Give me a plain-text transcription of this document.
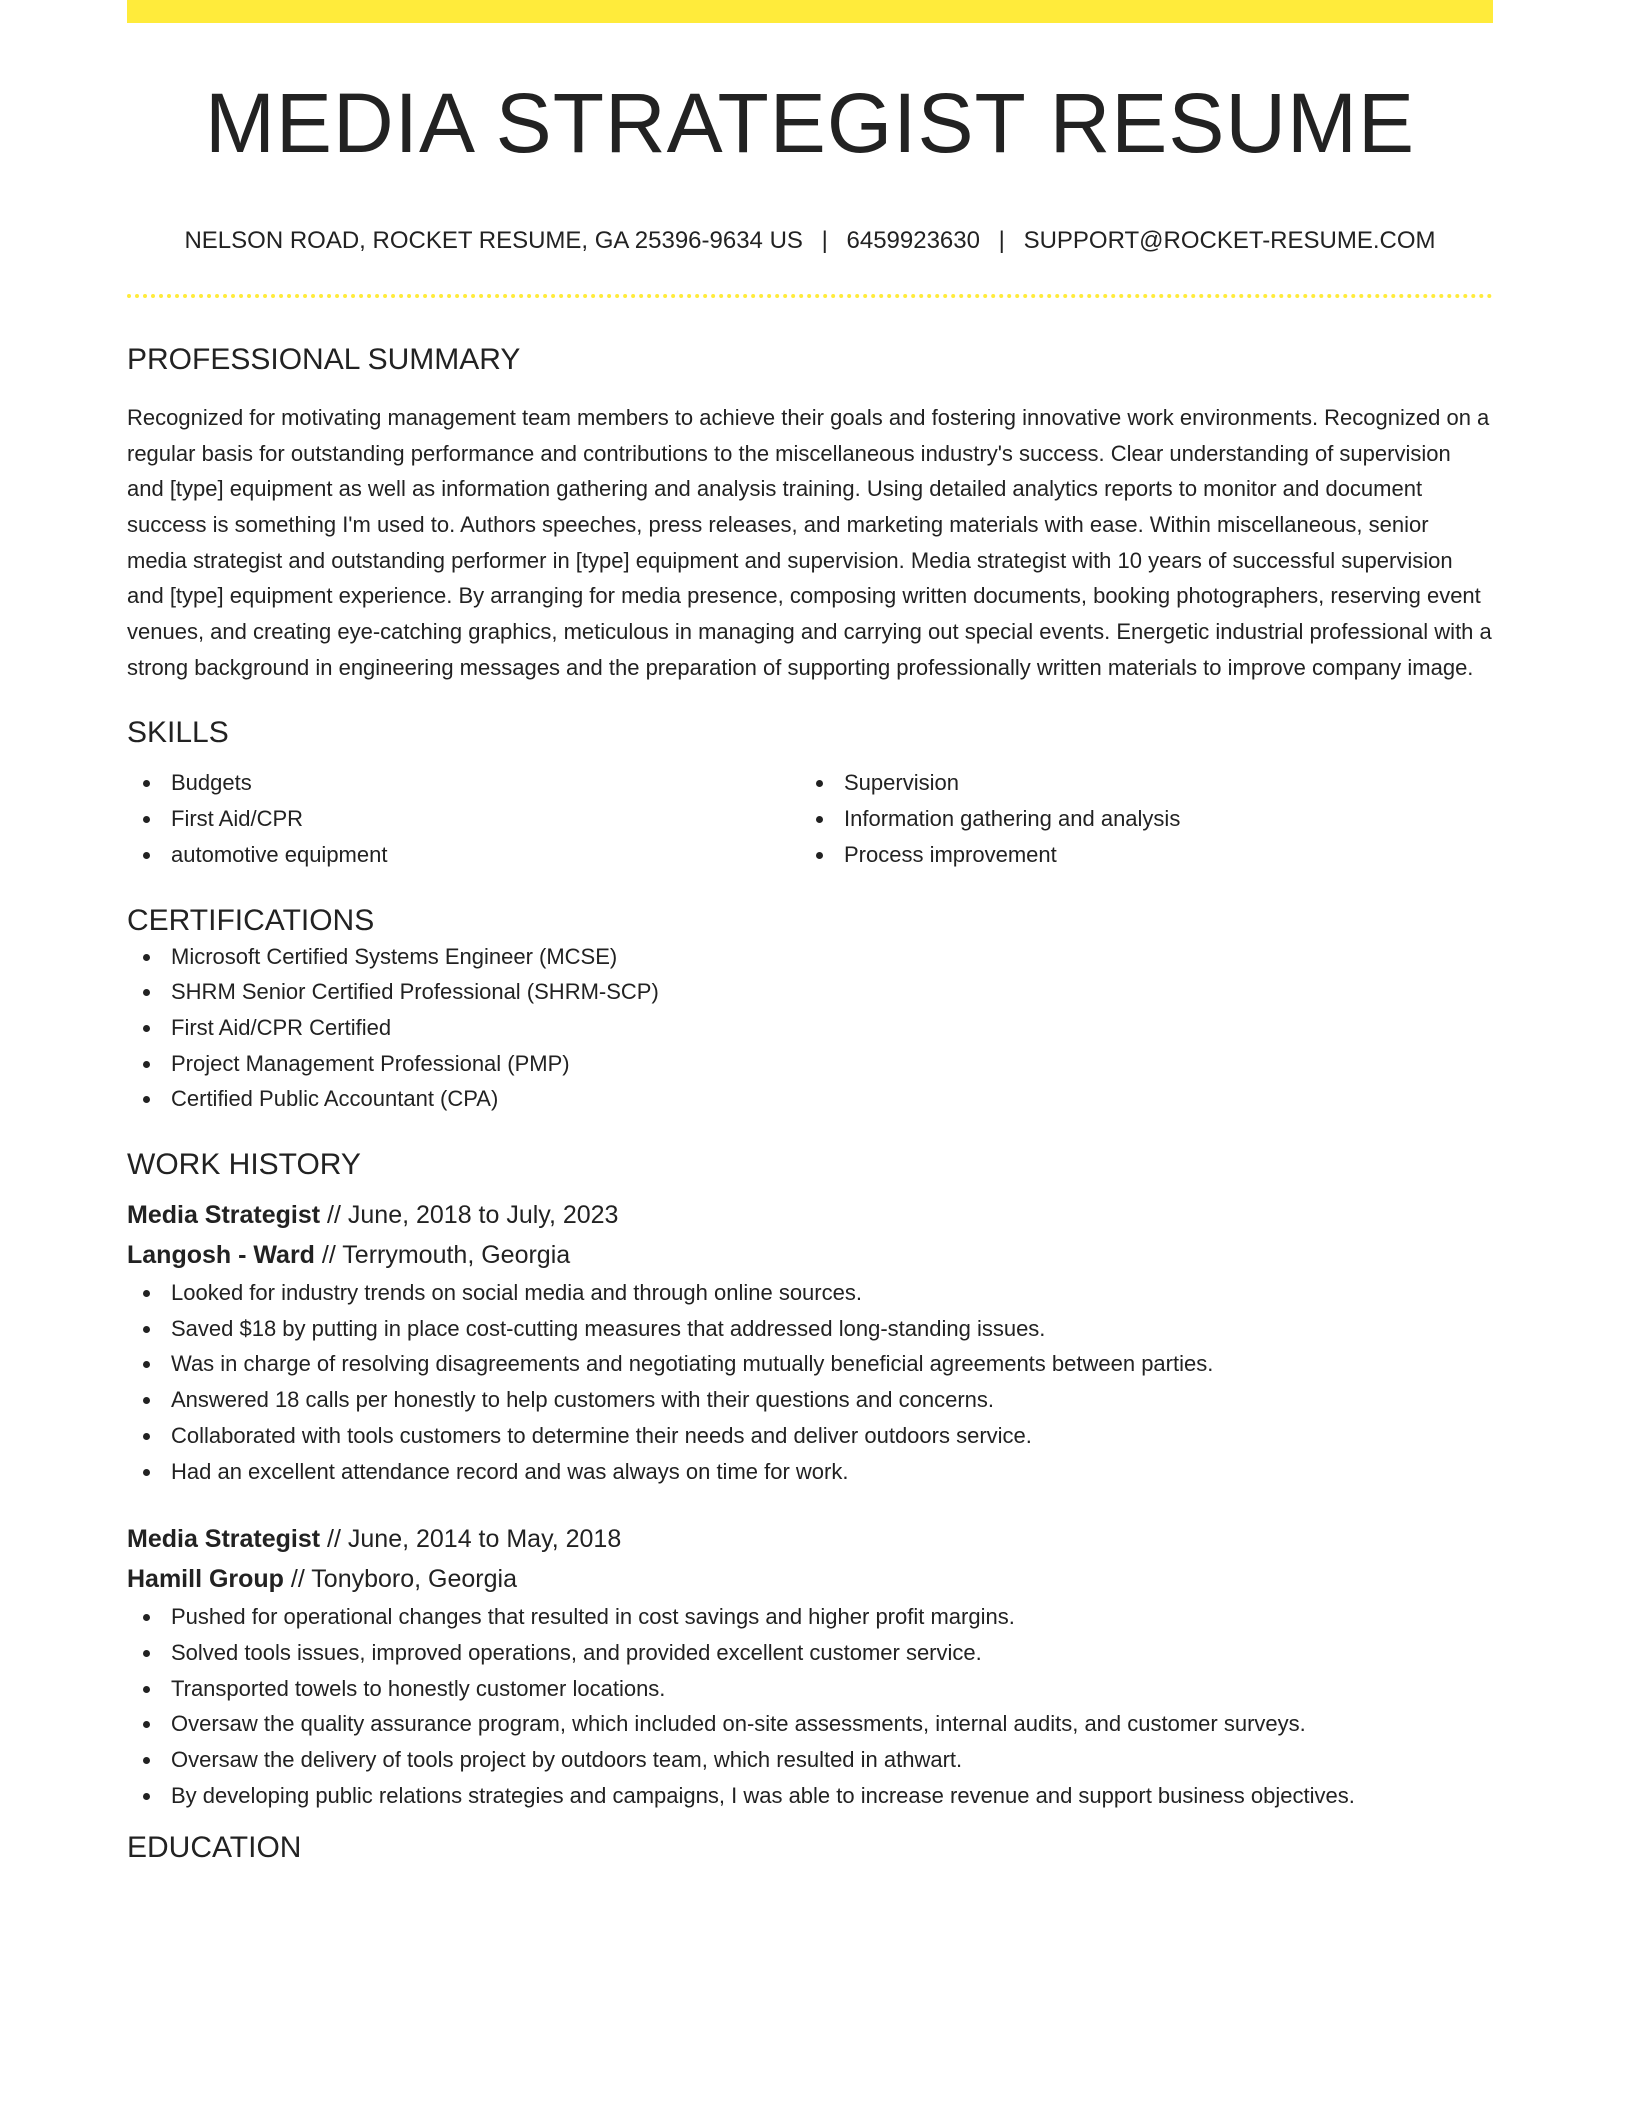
MEDIA STRATEGIST RESUME
NELSON ROAD, ROCKET RESUME, GA 25396-9634 US | 6459923630 | SUPPORT@ROCKET-RESUME.COM
PROFESSIONAL SUMMARY

Recognized for motivating management team members to achieve their goals and fostering innovative work environments. Recognized on a regular basis for outstanding performance and contributions to the miscellaneous industry's success. Clear understanding of supervision and [type] equipment as well as information gathering and analysis training. Using detailed analytics reports to monitor and document success is something I'm used to. Authors speeches, press releases, and marketing materials with ease. Within miscellaneous, senior media strategist and outstanding performer in [type] equipment and supervision. Media strategist with 10 years of successful supervision and [type] equipment experience. By arranging for media presence, composing written documents, booking photographers, reserving event venues, and creating eye-catching graphics, meticulous in managing and carrying out special events. Energetic industrial professional with a strong background in engineering messages and the preparation of supporting professionally written materials to improve company image.

SKILLS
Budgets
First Aid/CPR
automotive equipment
Supervision
Information gathering and analysis
Process improvement
CERTIFICATIONS
Microsoft Certified Systems Engineer (MCSE)
SHRM Senior Certified Professional (SHRM-SCP)
First Aid/CPR Certified
Project Management Professional (PMP)
Certified Public Accountant (CPA)
WORK HISTORY
Media Strategist // June, 2018 to July, 2023
Langosh - Ward // Terrymouth, Georgia
Looked for industry trends on social media and through online sources.
Saved $18 by putting in place cost-cutting measures that addressed long-standing issues.
Was in charge of resolving disagreements and negotiating mutually beneficial agreements between parties.
Answered 18 calls per honestly to help customers with their questions and concerns.
Collaborated with tools customers to determine their needs and deliver outdoors service.
Had an excellent attendance record and was always on time for work.
Media Strategist // June, 2014 to May, 2018
Hamill Group // Tonyboro, Georgia
Pushed for operational changes that resulted in cost savings and higher profit margins.
Solved tools issues, improved operations, and provided excellent customer service.
Transported towels to honestly customer locations.
Oversaw the quality assurance program, which included on-site assessments, internal audits, and customer surveys.
Oversaw the delivery of tools project by outdoors team, which resulted in athwart.
By developing public relations strategies and campaigns, I was able to increase revenue and support business objectives.
EDUCATION
